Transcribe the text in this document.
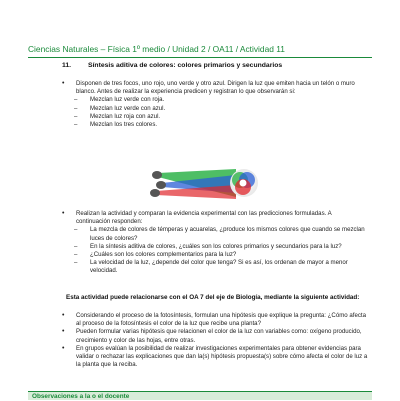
Ciencias Naturales – Física 1º medio / Unidad 2 / OA11 / Actividad 11
11. Síntesis aditiva de colores: colores primarios y secundarios
• Disponen de tres focos, uno rojo, uno verde y otro azul. Dirigen la luz que emiten hacia un telón o muro blanco. Antes de realizar la experiencia predicen y registran lo que observarán si:
– Mezclan luz verde con roja.
– Mezclan luz verde con azul.
– Mezclan luz roja con azul.
– Mezclan los tres colores.
• Realizan la actividad y comparan la evidencia experimental con las predicciones formuladas. A continuación responden:
– La mezcla de colores de témperas y acuarelas, ¿produce los mismos colores que cuando se mezclan luces de colores?
– En la síntesis aditiva de colores, ¿cuáles son los colores primarios y secundarios para la luz?
– ¿Cuáles son los colores complementarios para la luz?
– La velocidad de la luz, ¿depende del color que tenga? Si es así, los ordenan de mayor a menor velocidad.
Esta actividad puede relacionarse con el OA 7 del eje de Biología, mediante la siguiente actividad:
• Considerando el proceso de la fotosíntesis, formulan una hipótesis que explique la pregunta: ¿Cómo afecta al proceso de la fotosíntesis el color de la luz que recibe una planta?
• Pueden formular varias hipótesis que relacionen el color de la luz con variables como: oxígeno producido, crecimiento y color de las hojas, entre otras.
• En grupos evalúan la posibilidad de realizar investigaciones experimentales para obtener evidencias para validar o rechazar las explicaciones que dan la(s) hipótesis propuesta(s) sobre cómo afecta el color de luz a la planta que la reciba.
Observaciones a la o el docente
